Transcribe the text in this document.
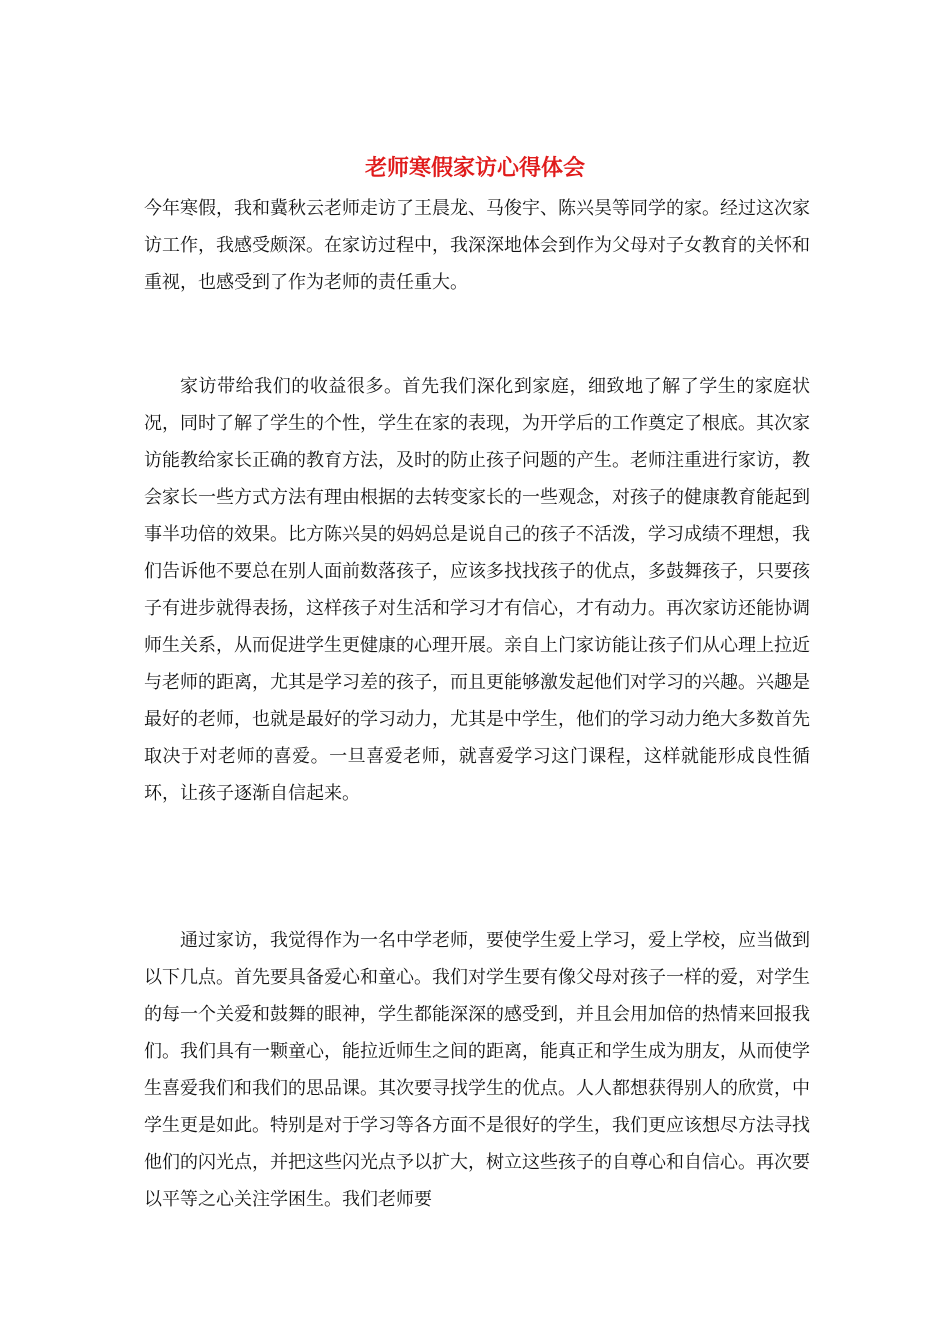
老师寒假家访心得体会

今年寒假，我和冀秋云老师走访了王晨龙、马俊宇、陈兴昊等同学的家。经过这次家访工作，我感受颇深。在家访过程中，我深深地体会到作为父母对子女教育的关怀和重视，也感受到了作为老师的责任重大。

家访带给我们的收益很多。首先我们深化到家庭，细致地了解了学生的家庭状况，同时了解了学生的个性，学生在家的表现，为开学后的工作奠定了根底。其次家访能教给家长正确的教育方法，及时的防止孩子问题的产生。老师注重进行家访，教会家长一些方式方法有理由根据的去转变家长的一些观念，对孩子的健康教育能起到事半功倍的效果。比方陈兴昊的妈妈总是说自己的孩子不活泼，学习成绩不理想，我们告诉他不要总在别人面前数落孩子，应该多找找孩子的优点，多鼓舞孩子，只要孩子有进步就得表扬，这样孩子对生活和学习才有信心，才有动力。再次家访还能协调师生关系，从而促进学生更健康的心理开展。亲自上门家访能让孩子们从心理上拉近与老师的距离，尤其是学习差的孩子，而且更能够激发起他们对学习的兴趣。兴趣是最好的老师，也就是最好的学习动力，尤其是中学生，他们的学习动力绝大多数首先取决于对老师的喜爱。一旦喜爱老师，就喜爱学习这门课程，这样就能形成良性循环，让孩子逐渐自信起来。

通过家访，我觉得作为一名中学老师，要使学生爱上学习，爱上学校，应当做到以下几点。首先要具备爱心和童心。我们对学生要有像父母对孩子一样的爱，对学生的每一个关爱和鼓舞的眼神，学生都能深深的感受到，并且会用加倍的热情来回报我们。我们具有一颗童心，能拉近师生之间的距离，能真正和学生成为朋友，从而使学生喜爱我们和我们的思品课。其次要寻找学生的优点。人人都想获得别人的欣赏，中学生更是如此。特别是对于学习等各方面不是很好的学生，我们更应该想尽方法寻找他们的闪光点，并把这些闪光点予以扩大，树立这些孩子的自尊心和自信心。再次要以平等之心关注学困生。我们老师要
